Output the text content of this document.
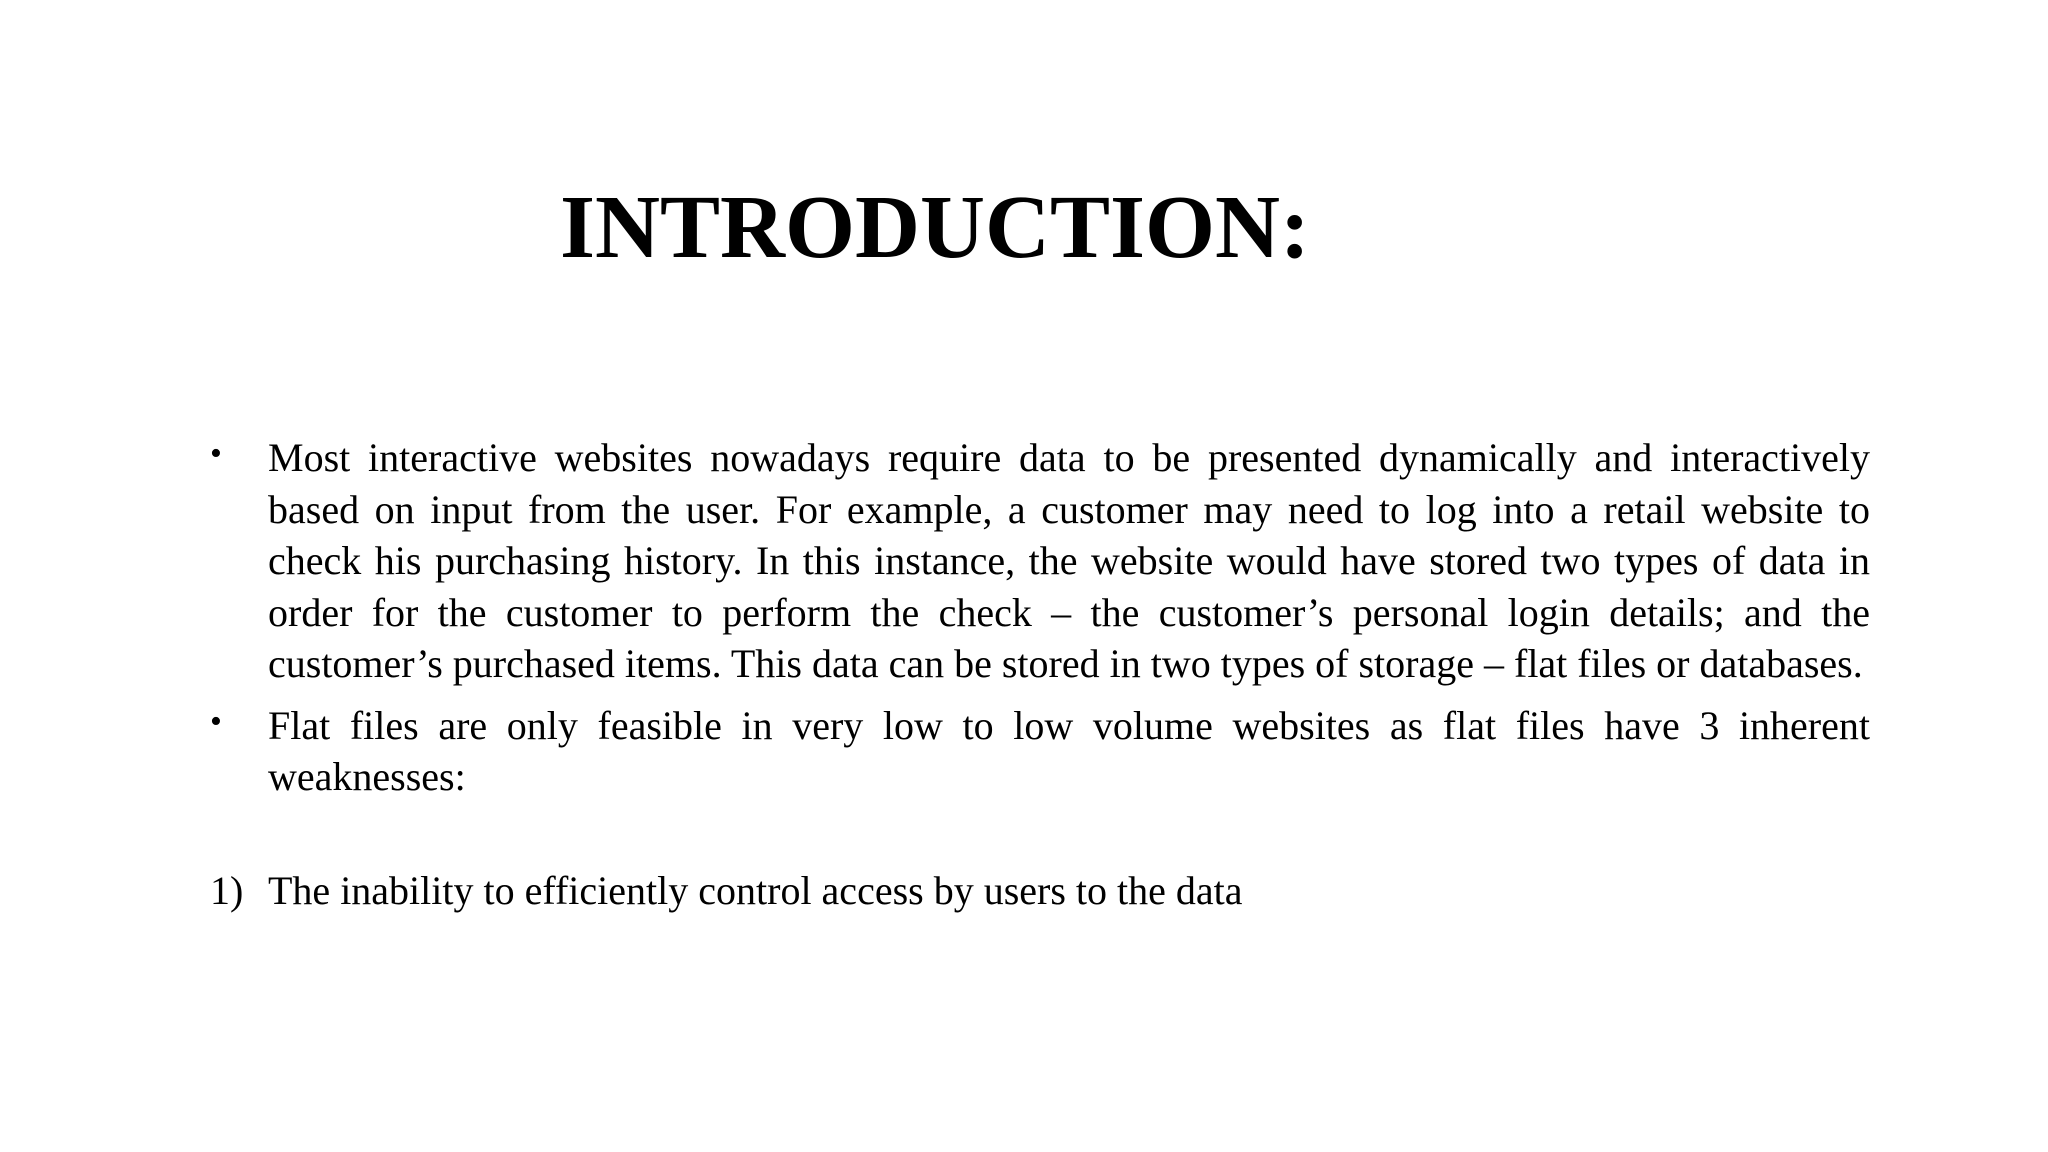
INTRODUCTION:
• Most interactive websites nowadays require data to be presented dynamically and interactively based on input from the user. For example, a customer may need to log into a retail website to check his purchasing history. In this instance, the website would have stored two types of data in order for the customer to perform the check – the customer’s personal login details; and the customer’s purchased items. This data can be stored in two types of storage – flat files or databases.
• Flat files are only feasible in very low to low volume websites as flat files have 3 inherent weaknesses:
1) The inability to efficiently control access by users to the data
